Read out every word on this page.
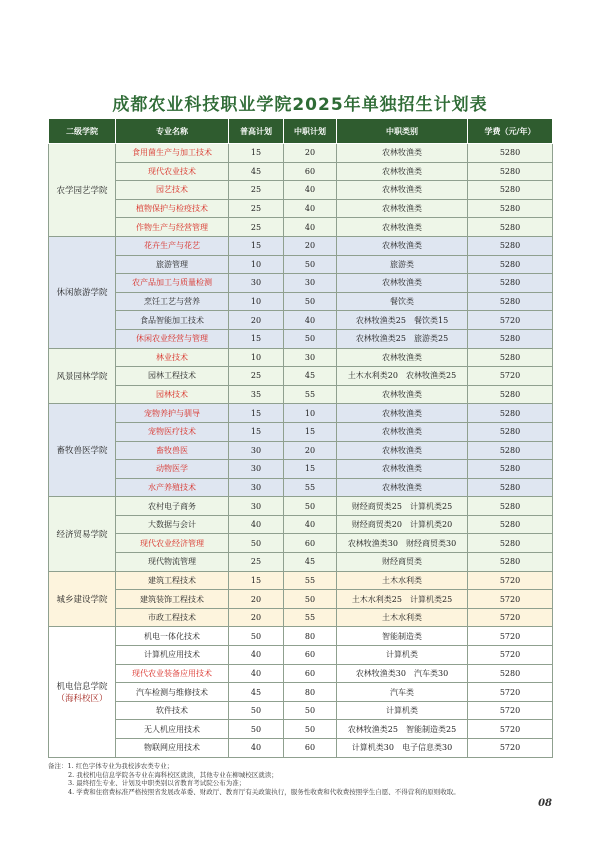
成都农业科技职业学院2025年单独招生计划表
二级学院	专业名称	普高计划	中职计划	中职类别	学费（元/年）

农学园艺学院	食用菌生产与加工技术	15	20	农林牧渔类	5280
	现代农业技术	45	60	农林牧渔类	5280
	园艺技术	25	40	农林牧渔类	5280
	植物保护与检疫技术	25	40	农林牧渔类	5280
	作物生产与经营管理	25	40	农林牧渔类	5280

休闲旅游学院	花卉生产与花艺	15	20	农林牧渔类	5280
	旅游管理	10	50	旅游类	5280
	农产品加工与质量检测	30	30	农林牧渔类	5280
	烹饪工艺与营养	10	50	餐饮类	5280
	食品智能加工技术	20	40	农林牧渔类25　餐饮类15	5720
	休闲农业经营与管理	15	50	农林牧渔类25　旅游类25	5280

风景园林学院	林业技术	10	30	农林牧渔类	5280
	园林工程技术	25	45	土木水利类20　农林牧渔类25	5720
	园林技术	35	55	农林牧渔类	5280

畜牧兽医学院	宠物养护与驯导	15	10	农林牧渔类	5280
	宠物医疗技术	15	15	农林牧渔类	5280
	畜牧兽医	30	20	农林牧渔类	5280
	动物医学	30	15	农林牧渔类	5280
	水产养殖技术	30	55	农林牧渔类	5280

经济贸易学院	农村电子商务	30	50	财经商贸类25　计算机类25	5280
	大数据与会计	40	40	财经商贸类20　计算机类20	5280
	现代农业经济管理	50	60	农林牧渔类30　财经商贸类30	5280
	现代物流管理	25	45	财经商贸类	5280

城乡建设学院	建筑工程技术	15	55	土木水利类	5720
	建筑装饰工程技术	20	50	土木水利类25　计算机类25	5720
	市政工程技术	20	55	土木水利类	5720

机电信息学院
（海科校区）	机电一体化技术	50	80	智能制造类	5720
	计算机应用技术	40	60	计算机类	5720
	现代农业装备应用技术	40	60	农林牧渔类30　汽车类30	5280
	汽车检测与维修技术	45	80	汽车类	5720
	软件技术	50	50	计算机类	5720
	无人机应用技术	50	50	农林牧渔类25　智能制造类25	5720
	物联网应用技术	40	60	计算机类30　电子信息类30	5720
备注：1. 红色字体专业为我校涉农类专业；
2. 我校机电信息学院各专业在海科校区就读，其他专业在柳城校区就读；
3. 最终招生专业、计划及中职类别以省教育考试院公布为准；
4. 学费和住宿费标准严格按照省发展改革委、财政厅、教育厅有关政策执行，服务性收费和代收费按照学生自愿、不得营利的原则收取。
08
